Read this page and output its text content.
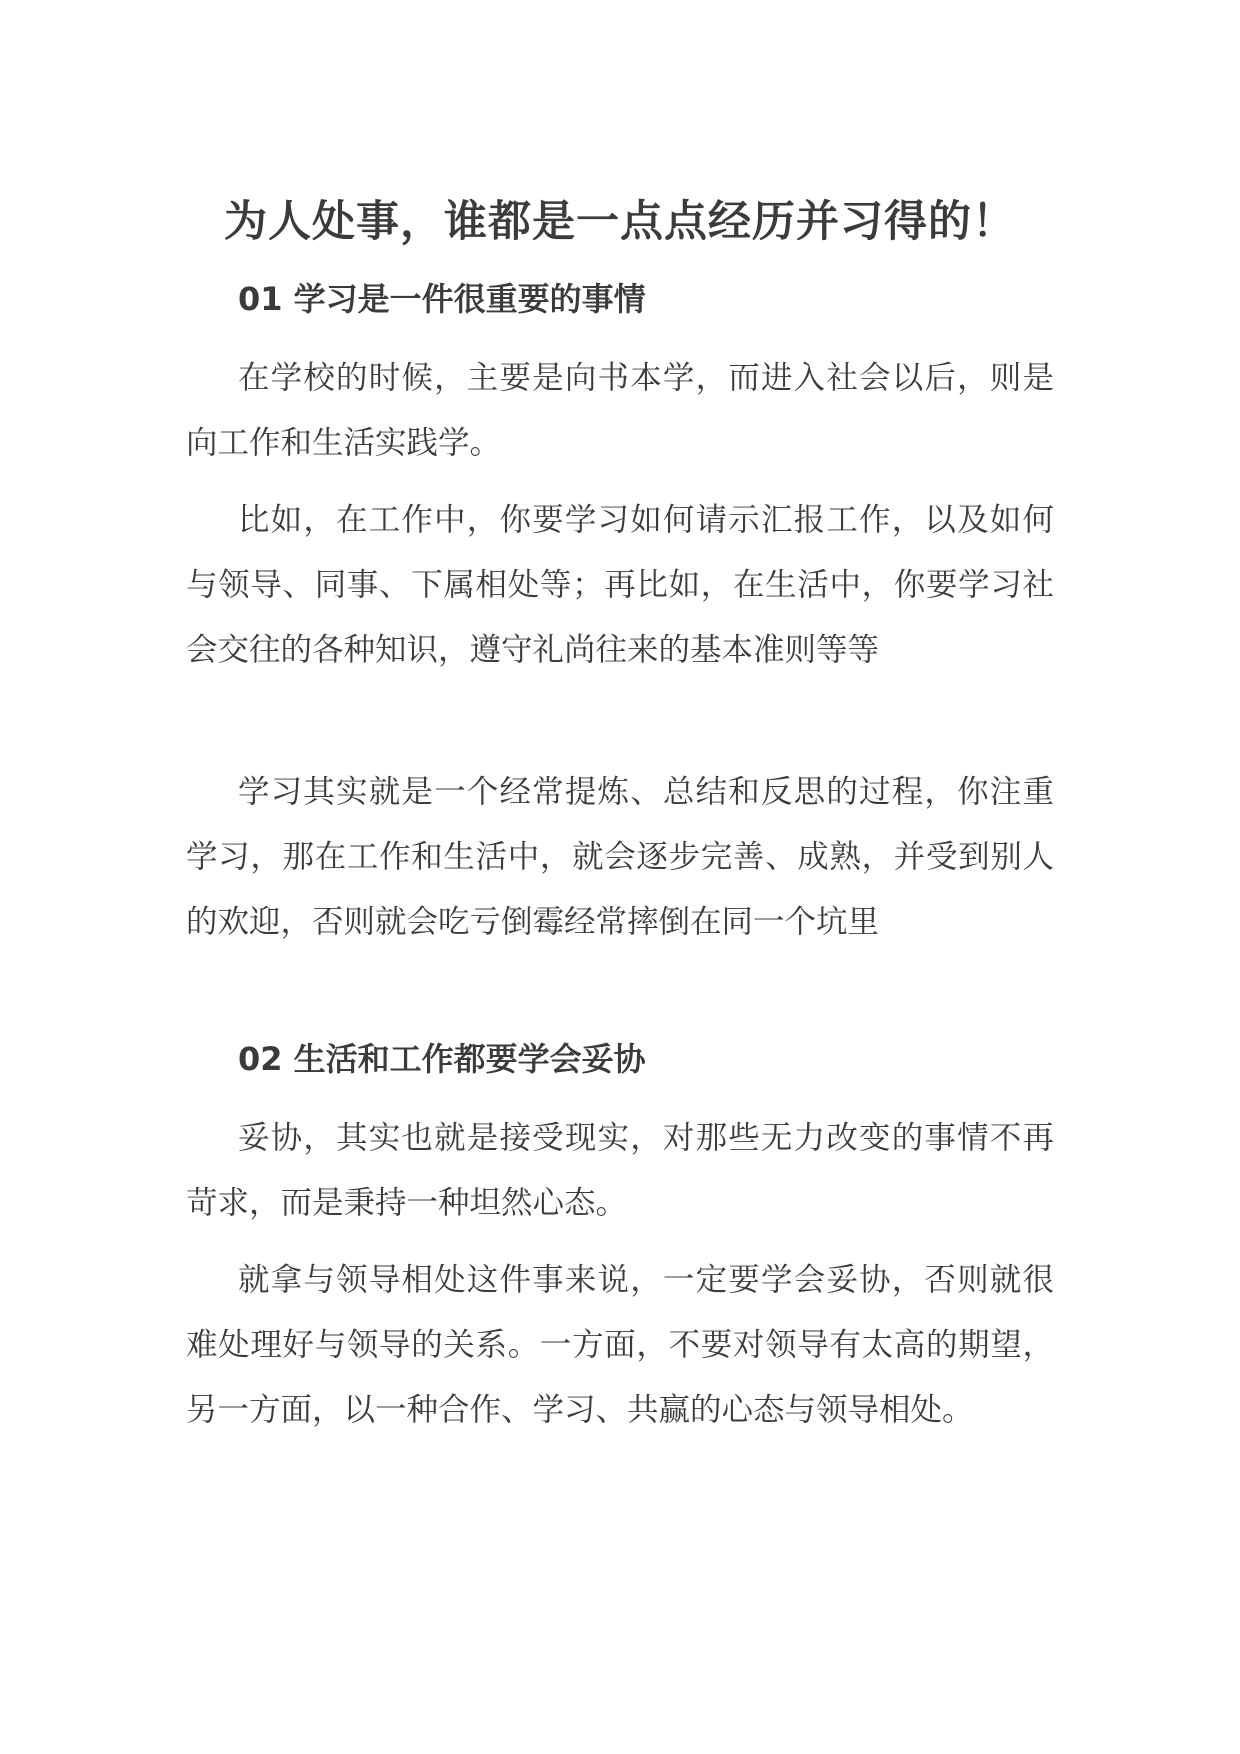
为人处事，谁都是一点点经历并习得的！
01 学习是一件很重要的事情

在学校的时候，主要是向书本学，而进入社会以后，则是向工作和生活实践学。

比如，在工作中，你要学习如何请示汇报工作，以及如何与领导、同事、下属相处等；再比如，在生活中，你要学习社会交往的各种知识，遵守礼尚往来的基本准则等等

学习其实就是一个经常提炼、总结和反思的过程，你注重学习，那在工作和生活中，就会逐步完善、成熟，并受到别人的欢迎，否则就会吃亏倒霉经常摔倒在同一个坑里

02 生活和工作都要学会妥协

妥协，其实也就是接受现实，对那些无力改变的事情不再苛求，而是秉持一种坦然心态。

就拿与领导相处这件事来说，一定要学会妥协，否则就很难处理好与领导的关系。一方面，不要对领导有太高的期望，另一方面，以一种合作、学习、共赢的心态与领导相处。
